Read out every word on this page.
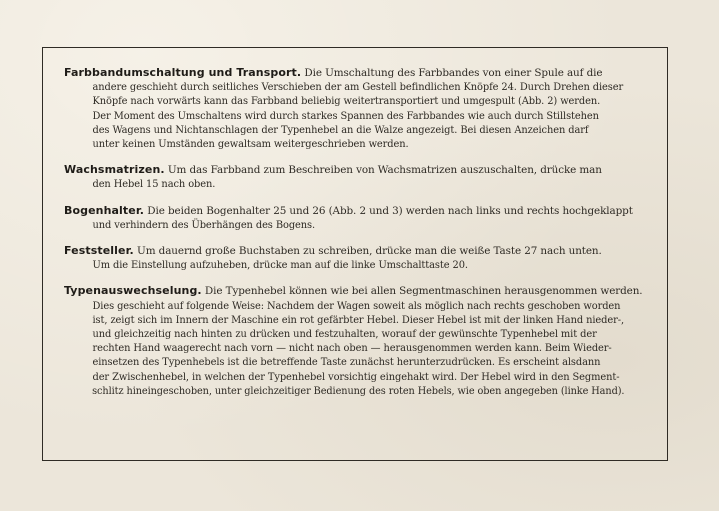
Farbbandumschaltung und Transport. Die Umschaltung des Farbbandes von einer Spule auf die
andere geschieht durch seitliches Verschieben der am Gestell befindlichen Knöpfe 24. Durch Drehen dieser
Knöpfe nach vorwärts kann das Farbband beliebig weitertransportiert und umgespult (Abb. 2) werden.
Der Moment des Umschaltens wird durch starkes Spannen des Farbbandes wie auch durch Stillstehen
des Wagens und Nichtanschlagen der Typenhebel an die Walze angezeigt. Bei diesen Anzeichen darf
unter keinen Umständen gewaltsam weitergeschrieben werden.

Wachsmatrizen. Um das Farbband zum Beschreiben von Wachsmatrizen auszuschalten, drücke man
den Hebel 15 nach oben.

Bogenhalter. Die beiden Bogenhalter 25 und 26 (Abb. 2 und 3) werden nach links und rechts hochgeklappt
und verhindern des Überhängen des Bogens.

Feststeller. Um dauernd große Buchstaben zu schreiben, drücke man die weiße Taste 27 nach unten.
Um die Einstellung aufzuheben, drücke man auf die linke Umschalttaste 20.

Typenauswechselung. Die Typenhebel können wie bei allen Segmentmaschinen herausgenommen werden.
Dies geschieht auf folgende Weise: Nachdem der Wagen soweit als möglich nach rechts geschoben worden
ist, zeigt sich im Innern der Maschine ein rot gefärbter Hebel. Dieser Hebel ist mit der linken Hand nieder-,
und gleichzeitig nach hinten zu drücken und festzuhalten, worauf der gewünschte Typenhebel mit der
rechten Hand waagerecht nach vorn — nicht nach oben — herausgenommen werden kann. Beim Wieder-
einsetzen des Typenhebels ist die betreffende Taste zunächst herunterzudrücken. Es erscheint alsdann
der Zwischenhebel, in welchen der Typenhebel vorsichtig eingehakt wird. Der Hebel wird in den Segment-
schlitz hineingeschoben, unter gleichzeitiger Bedienung des roten Hebels, wie oben angegeben (linke Hand).
